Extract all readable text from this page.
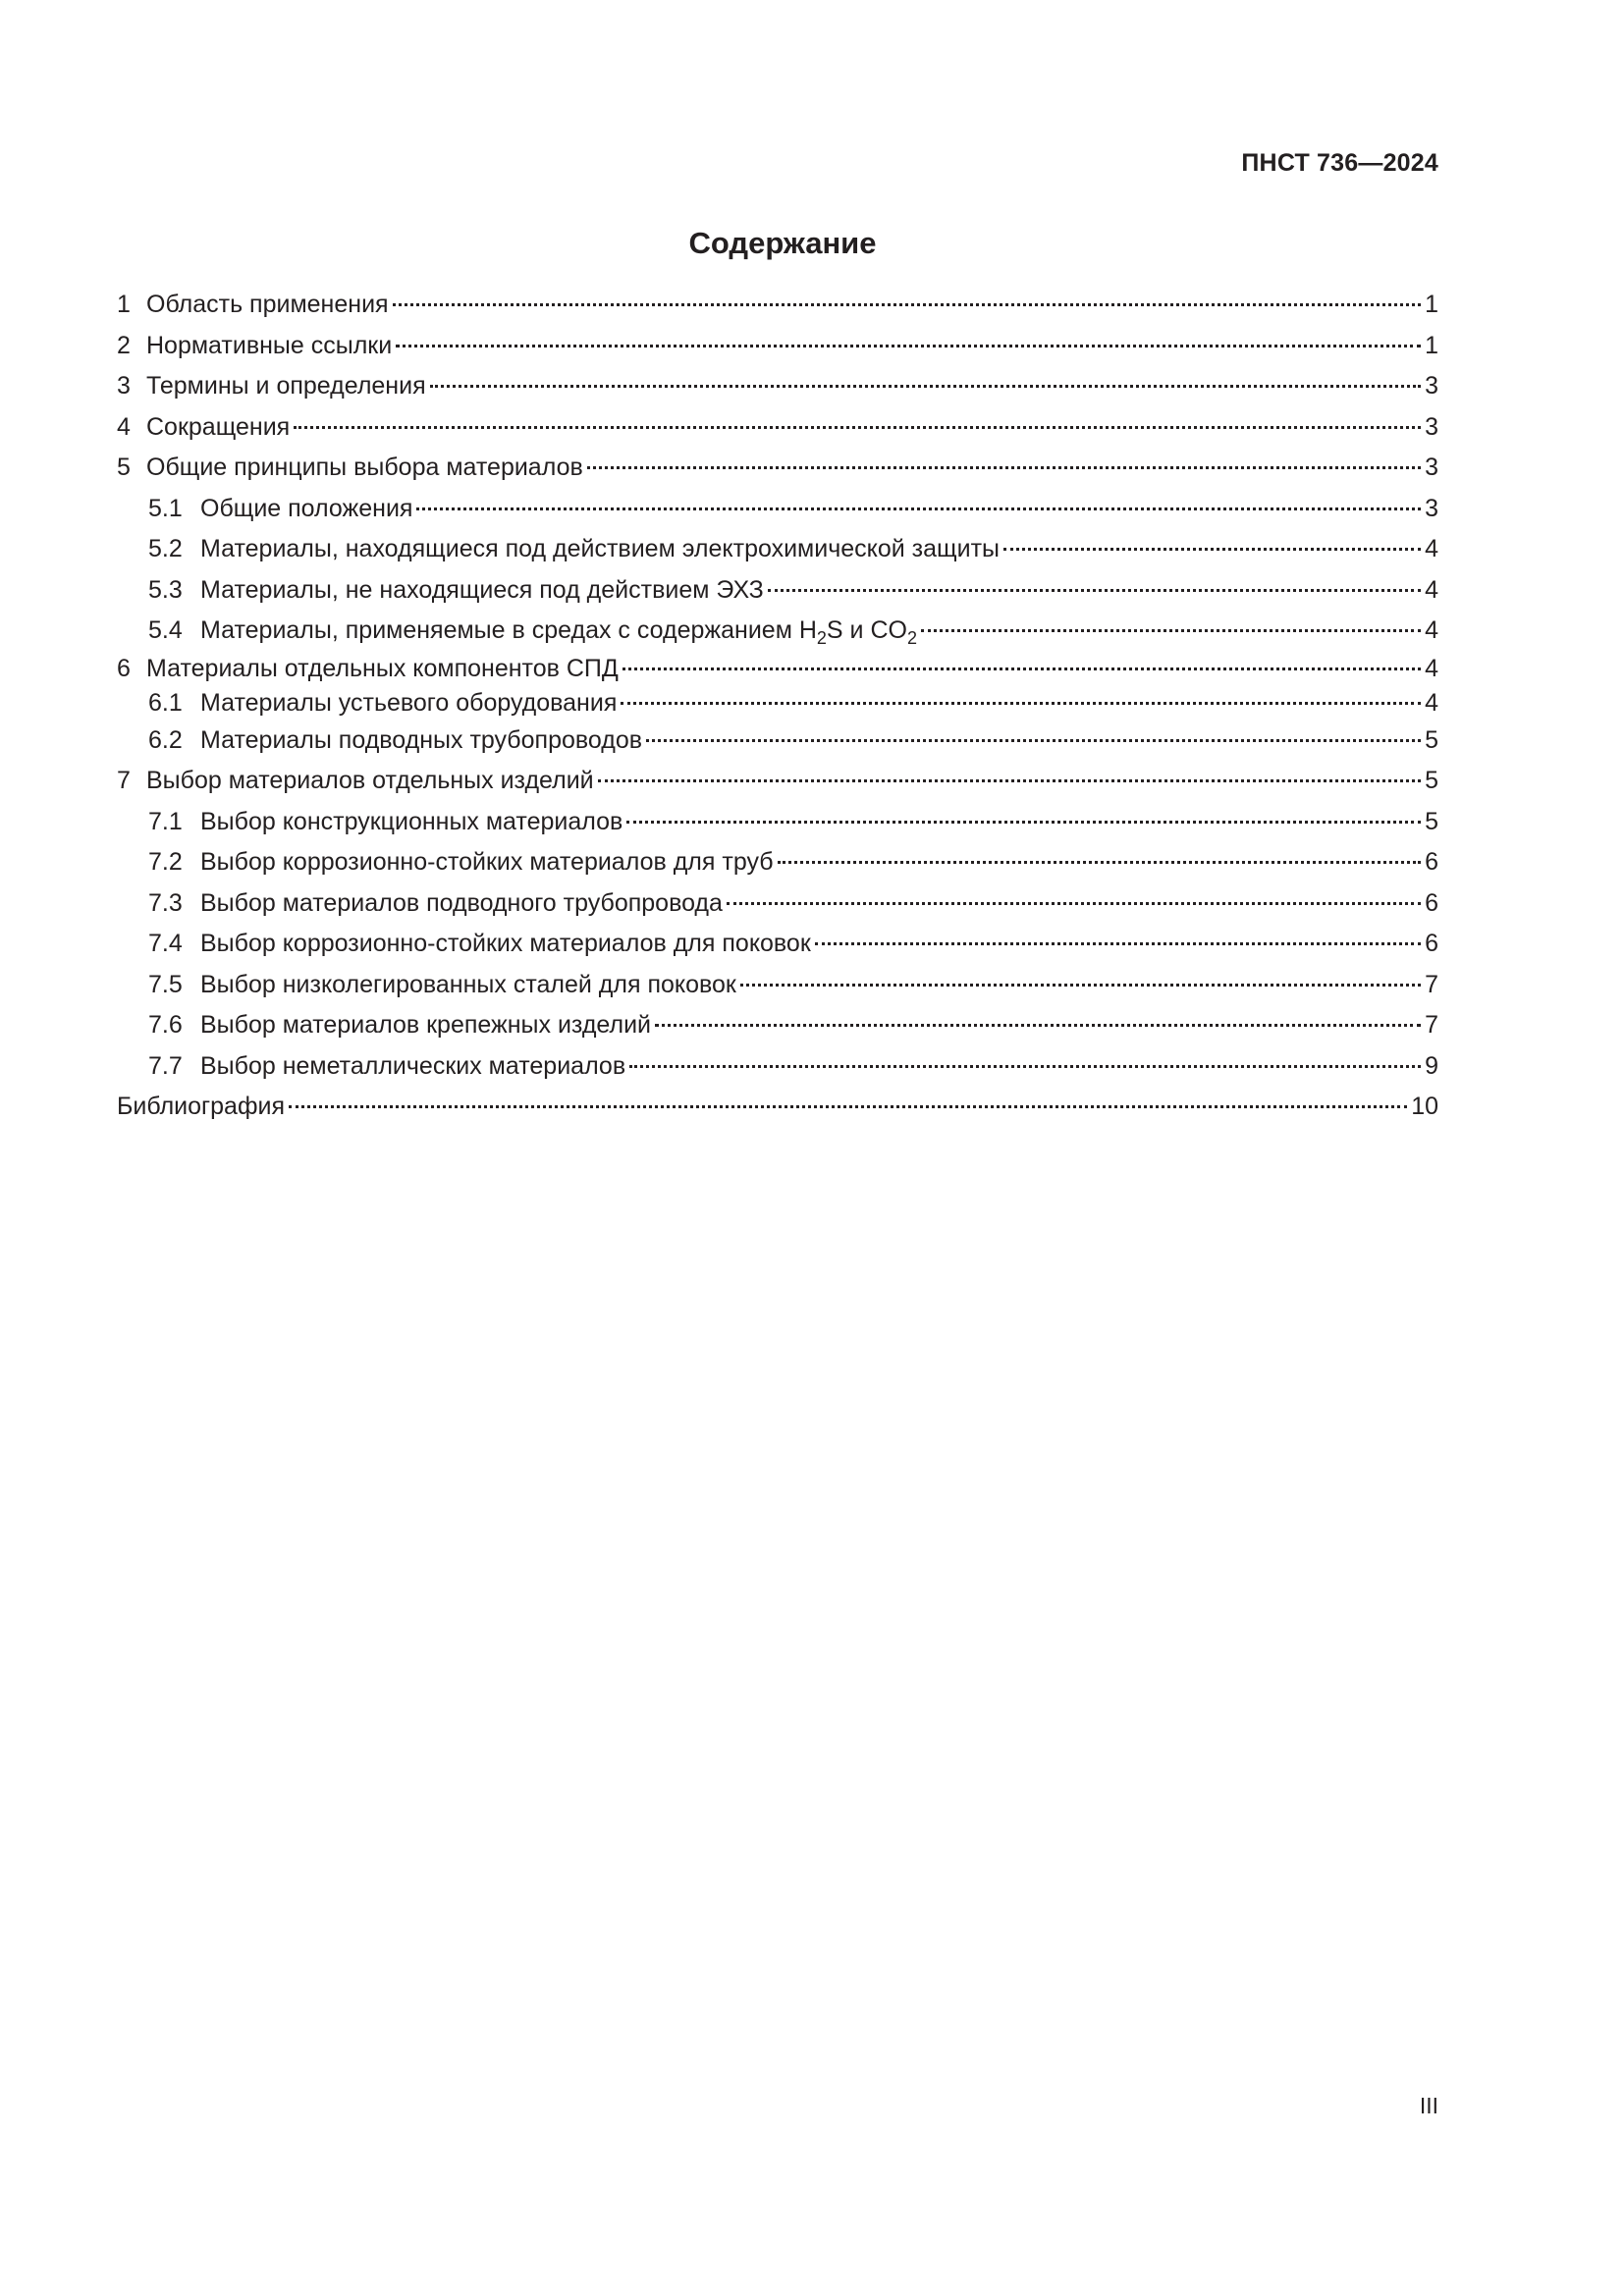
ПНСТ 736—2024
Содержание
1 Область применения	1
2 Нормативные ссылки	1
3 Термины и определения	3
4 Сокращения	3
5 Общие принципы выбора материалов	3
5.1 Общие положения	3
5.2 Материалы, находящиеся под действием электрохимической защиты	4
5.3 Материалы, не находящиеся под действием ЭХЗ	4
5.4 Материалы, применяемые в средах с содержанием $H_2S$ и $CO_2$	4
6 Материалы отдельных компонентов СПД	4
6.1 Материалы устьевого оборудования	4
6.2 Материалы подводных трубопроводов	5
7 Выбор материалов отдельных изделий	5
7.1 Выбор конструкционных материалов	5
7.2 Выбор коррозионно-стойких материалов для труб	6
7.3 Выбор материалов подводного трубопровода	6
7.4 Выбор коррозионно-стойких материалов для поковок	6
7.5 Выбор низколегированных сталей для поковок	7
7.6 Выбор материалов крепежных изделий	7
7.7 Выбор неметаллических материалов	9
Библиография	10
III
